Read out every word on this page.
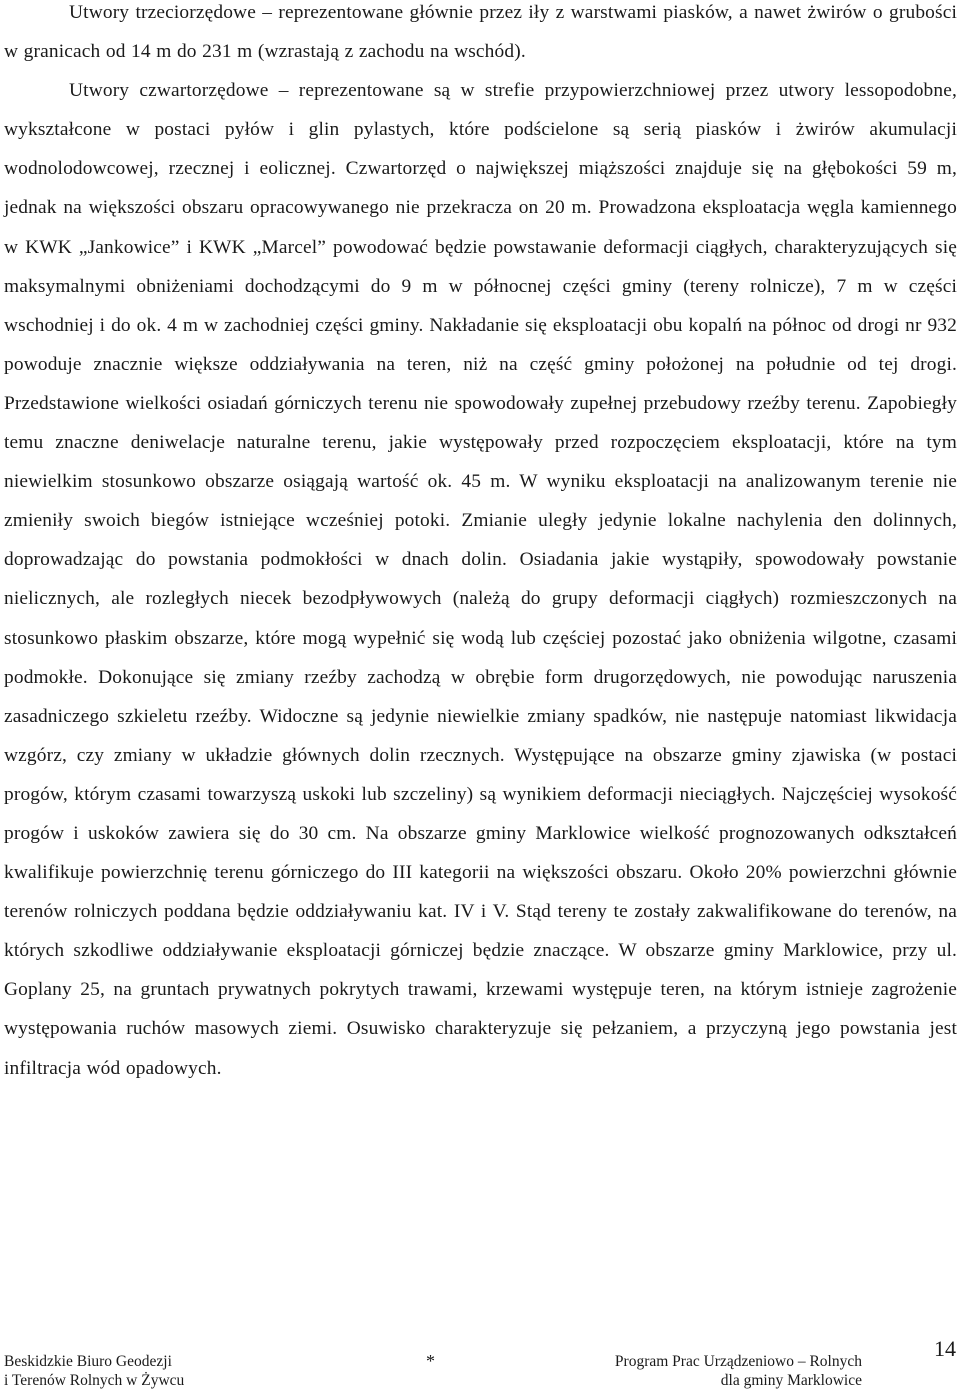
Utwory trzeciorzędowe – reprezentowane głównie przez iły z warstwami piasków, a nawet żwirów o grubości w granicach od 14 m do 231 m (wzrastają z zachodu na wschód).
Utwory czwartorzędowe – reprezentowane są w strefie przypowierzchniowej przez utwory lessopodobne, wykształcone w postaci pyłów i glin pylastych, które podścielone są serią piasków i żwirów akumulacji wodnolodowcowej, rzecznej i eolicznej. Czwartorzęd o największej miąższości znajduje się na głębokości 59 m, jednak na większości obszaru opracowywanego nie przekracza on 20 m. Prowadzona eksploatacja węgla kamiennego w KWK „Jankowice” i KWK „Marcel” powodować będzie powstawanie deformacji ciągłych, charakteryzujących się maksymalnymi obniżeniami dochodzącymi do 9 m w północnej części gminy (tereny rolnicze), 7 m w części wschodniej i do ok. 4 m w zachodniej części gminy. Nakładanie się eksploatacji obu kopalń na północ od drogi nr 932 powoduje znacznie większe oddziaływania na teren, niż na część gminy położonej na południe od tej drogi. Przedstawione wielkości osiadań górniczych terenu nie spowodowały zupełnej przebudowy rzeźby terenu. Zapobiegły temu znaczne deniwelacje naturalne terenu, jakie występowały przed rozpoczęciem eksploatacji, które na tym niewielkim stosunkowo obszarze osiągają wartość ok. 45 m. W wyniku eksploatacji na analizowanym terenie nie zmieniły swoich biegów istniejące wcześniej potoki. Zmianie uległy jedynie lokalne nachylenia den dolinnych, doprowadzając do powstania podmokłości w dnach dolin. Osiadania jakie wystąpiły, spowodowały powstanie nielicznych, ale rozległych niecek bezodpływowych (należą do grupy deformacji ciągłych) rozmieszczonych na stosunkowo płaskim obszarze, które mogą wypełnić się wodą lub częściej pozostać jako obniżenia wilgotne, czasami podmokłe. Dokonujące się zmiany rzeźby zachodzą w obrębie form drugorzędowych, nie powodując naruszenia zasadniczego szkieletu rzeźby. Widoczne są jedynie niewielkie zmiany spadków, nie następuje natomiast likwidacja wzgórz, czy zmiany w układzie głównych dolin rzecznych. Występujące na obszarze gminy zjawiska (w postaci progów, którym czasami towarzyszą uskoki lub szczeliny) są wynikiem deformacji nieciągłych. Najczęściej wysokość progów i uskoków zawiera się do 30 cm. Na obszarze gminy Marklowice wielkość prognozowanych odkształceń kwalifikuje powierzchnię terenu górniczego do III kategorii na większości obszaru. Około 20% powierzchni głównie terenów rolniczych poddana będzie oddziaływaniu kat. IV i V. Stąd tereny te zostały zakwalifikowane do terenów, na których szkodliwe oddziaływanie eksploatacji górniczej będzie znaczące. W obszarze gminy Marklowice, przy ul. Goplany 25, na gruntach prywatnych pokrytych trawami, krzewami występuje teren, na którym istnieje zagrożenie występowania ruchów masowych ziemi. Osuwisko charakteryzuje się pełzaniem, a przyczyną jego powstania jest infiltracja wód opadowych.

Beskidzkie Biuro Geodezji
i Terenów Rolnych w Żywcu
*	Program Prac Urządzeniowo – Rolnych
dla gminy Marklowice
14
